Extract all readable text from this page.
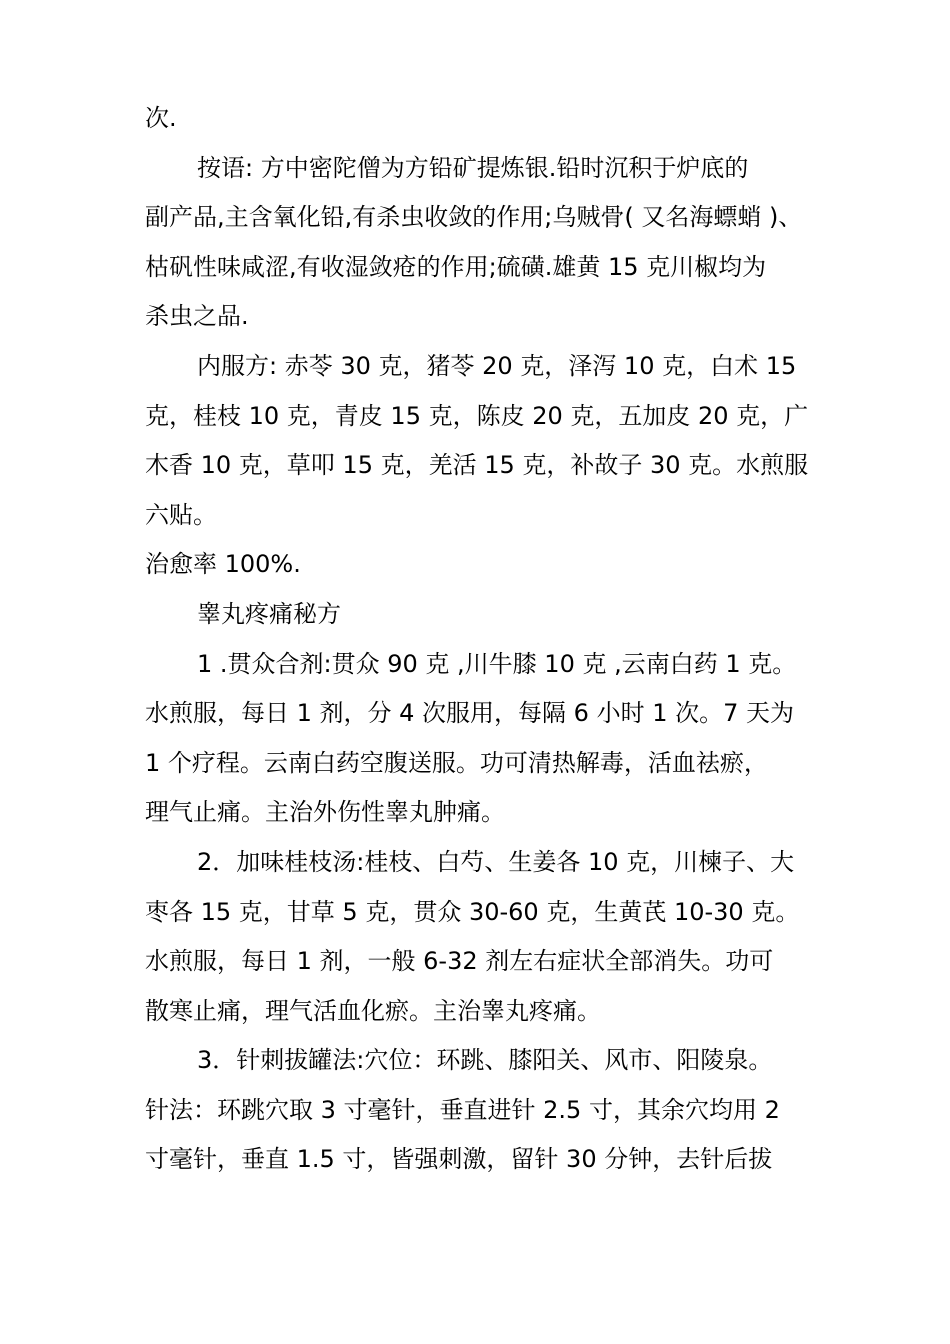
次.
按语: 方中密陀僧为方铅矿提炼银.铅时沉积于炉底的
副产品,主含氧化铅,有杀虫收敛的作用;乌贼骨( 又名海螵蛸 )、
枯矾性味咸涩,有收湿敛疮的作用;硫磺.雄黄 15 克川椒均为
杀虫之品.
内服方: 赤苓 30 克，猪苓 20 克，泽泻 10 克，白术 15
克，桂枝 10 克，青皮 15 克，陈皮 20 克，五加皮 20 克，广
木香 10 克，草叩 15 克，羌活 15 克，补故子 30 克。水煎服
六贴。
治愈率 100%.
睾丸疼痛秘方
1 .贯众合剂:贯众 90 克 ,川牛膝 10 克 ,云南白药 1 克。
水煎服，每日 1 剂，分 4 次服用，每隔 6 小时 1 次。7 天为
1 个疗程。云南白药空腹送服。功可清热解毒，活血祛瘀，
理气止痛。主治外伤性睾丸肿痛。
2．加味桂枝汤:桂枝、白芍、生姜各 10 克，川楝子、大
枣各 15 克，甘草 5 克，贯众 30-60 克，生黄芪 10-30 克。
水煎服，每日 1 剂，一般 6-32 剂左右症状全部消失。功可
散寒止痛，理气活血化瘀。主治睾丸疼痛。
3．针刺拔罐法:穴位：环跳、膝阳关、风市、阳陵泉。
针法：环跳穴取 3 寸毫针，垂直进针 2.5 寸，其余穴均用 2
寸毫针，垂直 1.5 寸，皆强刺激，留针 30 分钟，去针后拔
